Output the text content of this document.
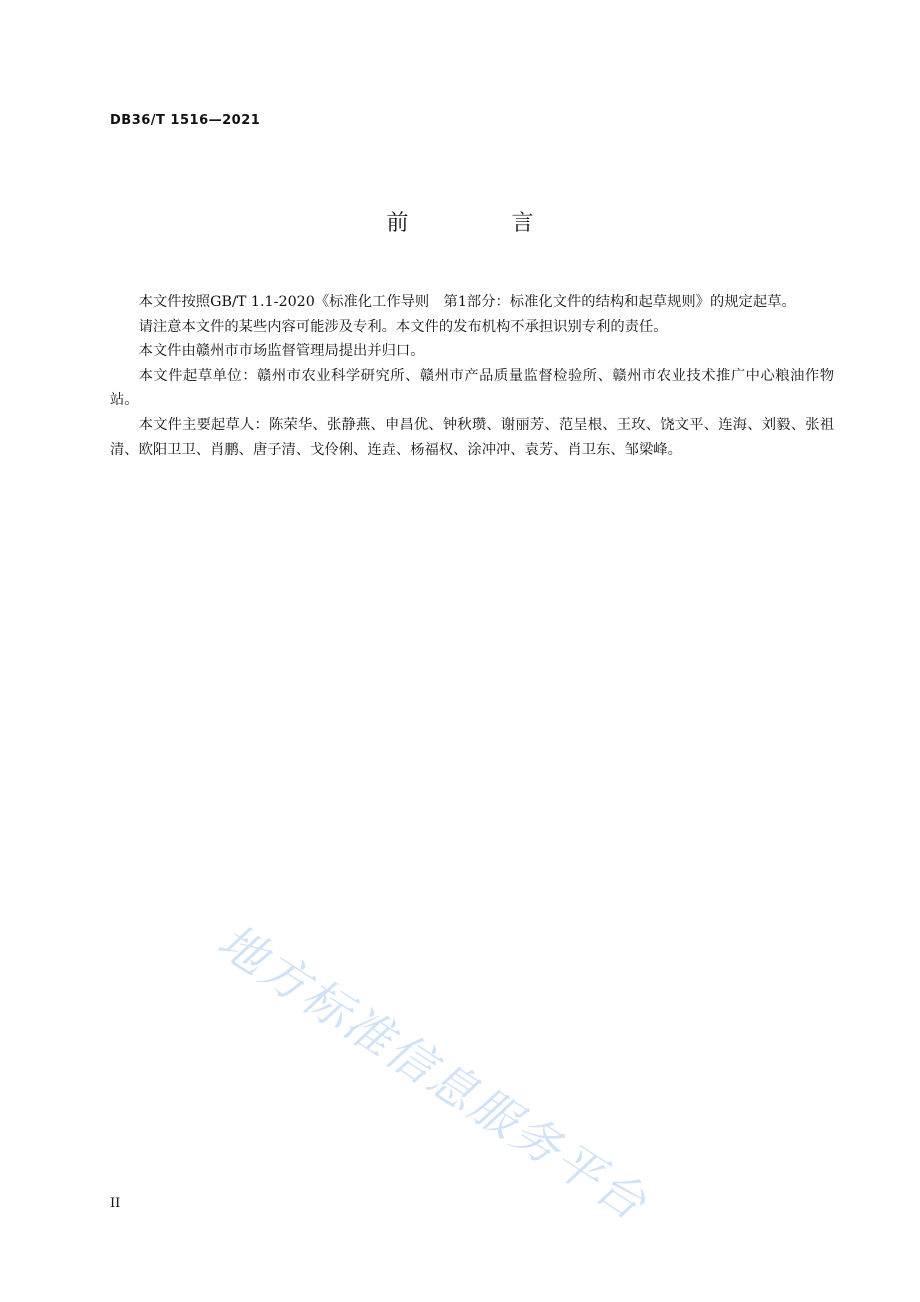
DB36/T 1516—2021
前 言

本文件按照GB/T 1.1-2020《标准化工作导则　第1部分：标准化文件的结构和起草规则》的规定起草。

请注意本文件的某些内容可能涉及专利。本文件的发布机构不承担识别专利的责任。

本文件由赣州市市场监督管理局提出并归口。

本文件起草单位：赣州市农业科学研究所、赣州市产品质量监督检验所、赣州市农业技术推广中心粮油作物站。

本文件主要起草人：陈荣华、张静燕、申昌优、钟秋瓒、谢丽芳、范呈根、王玫、饶文平、连海、刘毅、张祖清、欧阳卫卫、肖鹏、唐子清、戈伶俐、连垚、杨福权、涂冲冲、袁芳、肖卫东、邹梁峰。

地方标准信息服务平台
II
